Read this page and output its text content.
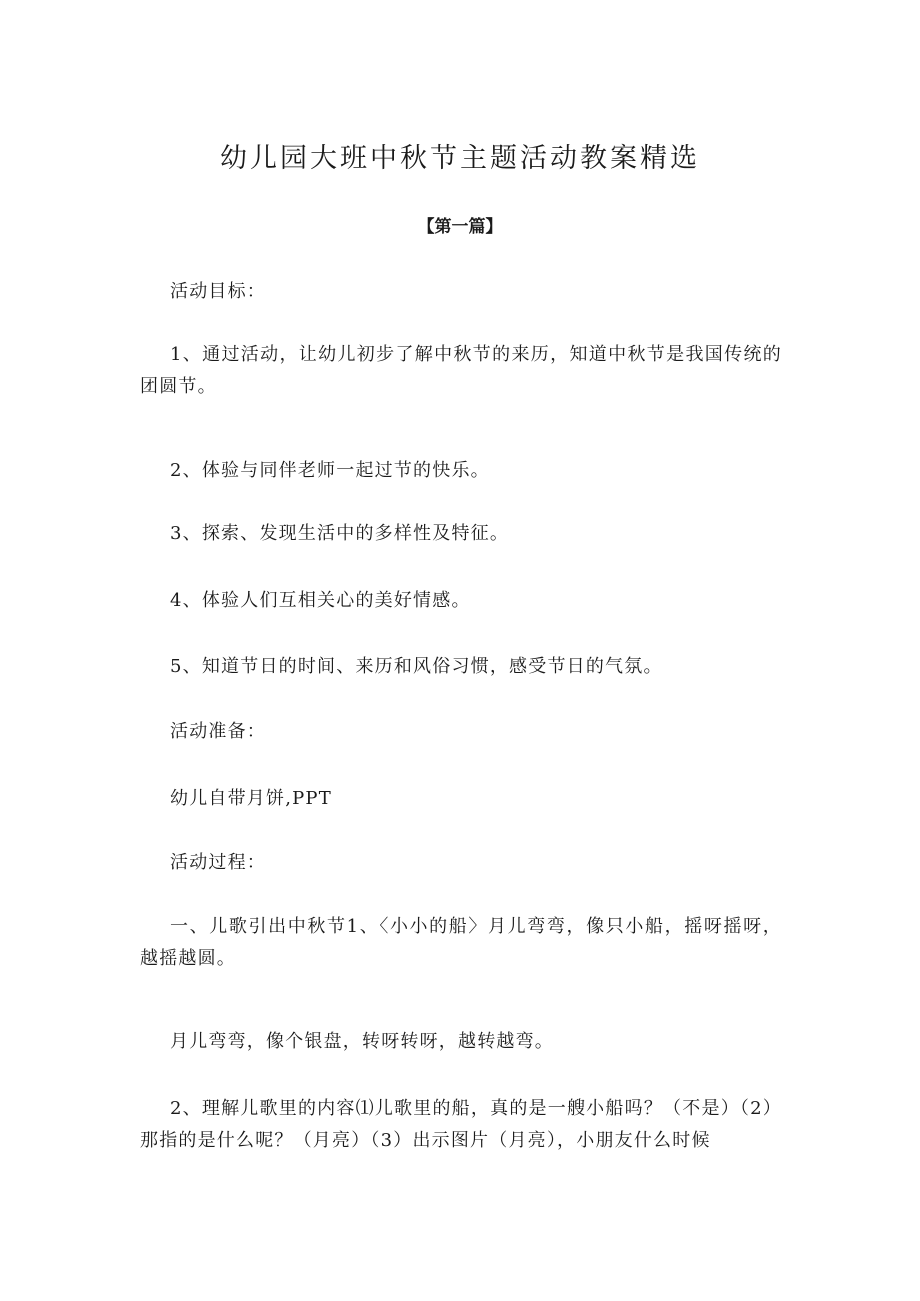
幼儿园大班中秋节主题活动教案精选
【第一篇】

活动目标：

1、通过活动，让幼儿初步了解中秋节的来历，知道中秋节是我国传统的团圆节。

2、体验与同伴老师一起过节的快乐。

3、探索、发现生活中的多样性及特征。

4、体验人们互相关心的美好情感。

5、知道节日的时间、来历和风俗习惯，感受节日的气氛。

活动准备：

幼儿自带月饼,PPT

活动过程：

一、儿歌引出中秋节1、〈小小的船〉月儿弯弯，像只小船，摇呀摇呀，越摇越圆。

月儿弯弯，像个银盘，转呀转呀，越转越弯。

2、理解儿歌里的内容⑴儿歌里的船，真的是一艘小船吗？（不是）（2）那指的是什么呢？（月亮）（3）出示图片（月亮），小朋友什么时候
